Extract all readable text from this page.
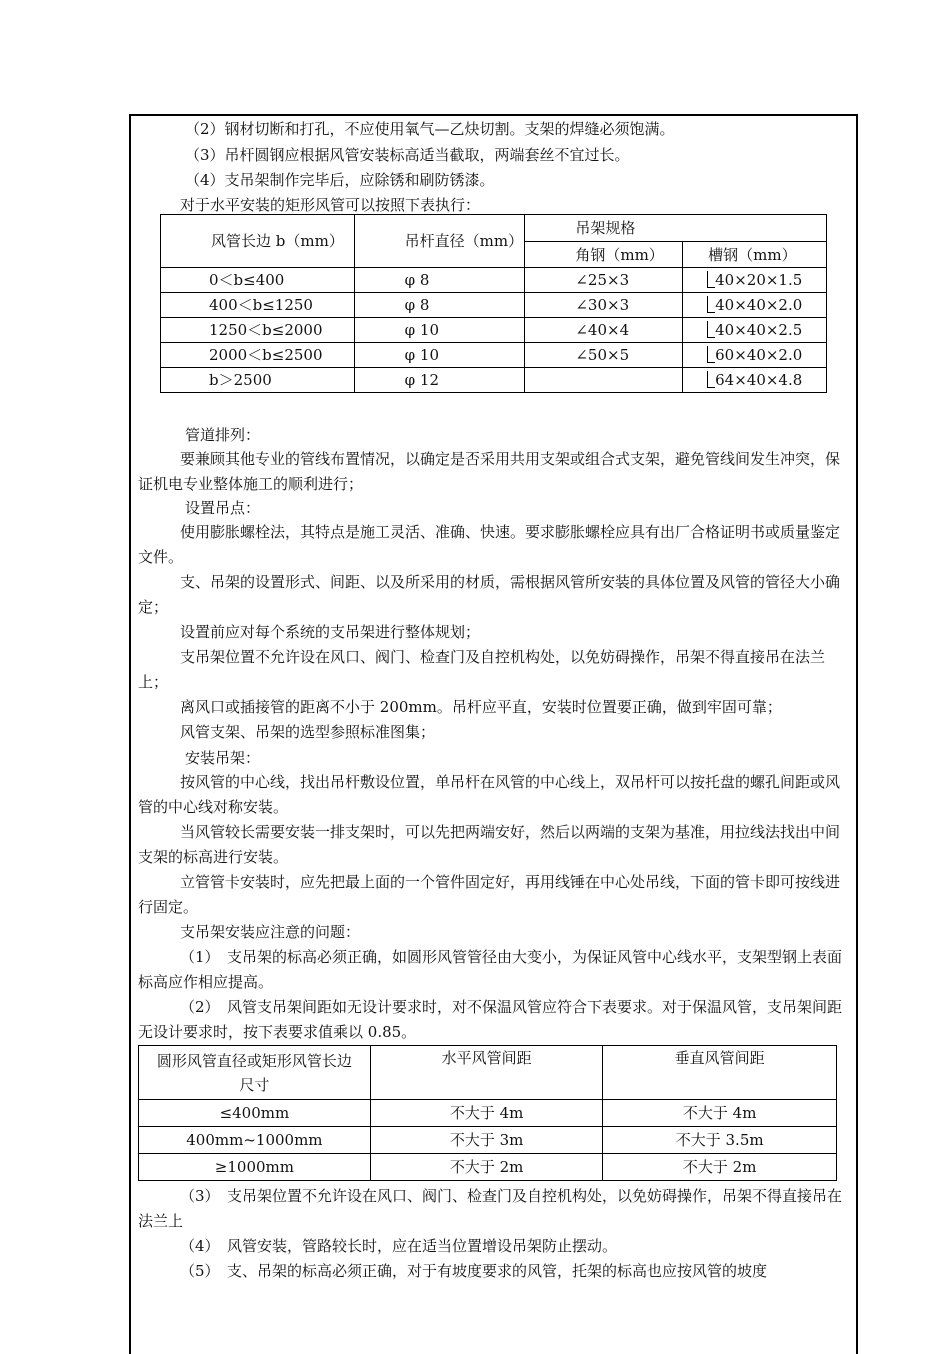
（2）钢材切断和打孔，不应使用氧气—乙炔切割。支架的焊缝必须饱满。
（3）吊杆圆钢应根据风管安装标高适当截取，两端套丝不宜过长。
（4）支吊架制作完毕后，应除锈和刷防锈漆。
对于水平安装的矩形风管可以按照下表执行：
风管长边 b（mm）	吊杆直径（mm）	吊架规格	
		角钢（mm）	槽钢（mm）
0＜b≤400	φ 8	∠25×3	40×20×1.5
400＜b≤1250	φ 8	∠30×3	40×40×2.0
1250＜b≤2000	φ 10	∠40×4	40×40×2.5
2000＜b≤2500	φ 10	∠50×5	60×40×2.0
b＞2500	φ 12		64×40×4.8
管道排列：

要兼顾其他专业的管线布置情况，以确定是否采用共用支架或组合式支架，避免管线间发生冲突，保证机电专业整体施工的顺利进行；

设置吊点：

使用膨胀螺栓法，其特点是施工灵活、准确、快速。要求膨胀螺栓应具有出厂合格证明书或质量鉴定文件。

支、吊架的设置形式、间距、以及所采用的材质，需根据风管所安装的具体位置及风管的管径大小确定；

设置前应对每个系统的支吊架进行整体规划；

支吊架位置不允许设在风口、阀门、检查门及自控机构处，以免妨碍操作，吊架不得直接吊在法兰上；

离风口或插接管的距离不小于 200mm。吊杆应平直，安装时位置要正确，做到牢固可靠；

风管支架、吊架的选型参照标准图集；

安装吊架：

按风管的中心线，找出吊杆敷设位置，单吊杆在风管的中心线上，双吊杆可以按托盘的螺孔间距或风管的中心线对称安装。

当风管较长需要安装一排支架时，可以先把两端安好，然后以两端的支架为基准，用拉线法找出中间支架的标高进行安装。

立管管卡安装时，应先把最上面的一个管件固定好，再用线锤在中心处吊线，下面的管卡即可按线进行固定。

支吊架安装应注意的问题：

（1）　支吊架的标高必须正确，如圆形风管管径由大变小，为保证风管中心线水平，支架型钢上表面标高应作相应提高。

（2）　风管支吊架间距如无设计要求时，对不保温风管应符合下表要求。对于保温风管，支吊架间距无设计要求时，按下表要求值乘以 0.85。

圆形风管直径或矩形风管长边尺寸	水平风管间距	垂直风管间距
≤400mm	不大于 4m	不大于 4m
400mm~1000mm	不大于 3m	不大于 3.5m
≥1000mm	不大于 2m	不大于 2m

（3）　支吊架位置不允许设在风口、阀门、检查门及自控机构处，以免妨碍操作，吊架不得直接吊在法兰上

（4）　风管安装，管路较长时，应在适当位置增设吊架防止摆动。

（5）　支、吊架的标高必须正确，对于有坡度要求的风管，托架的标高也应按风管的坡度
